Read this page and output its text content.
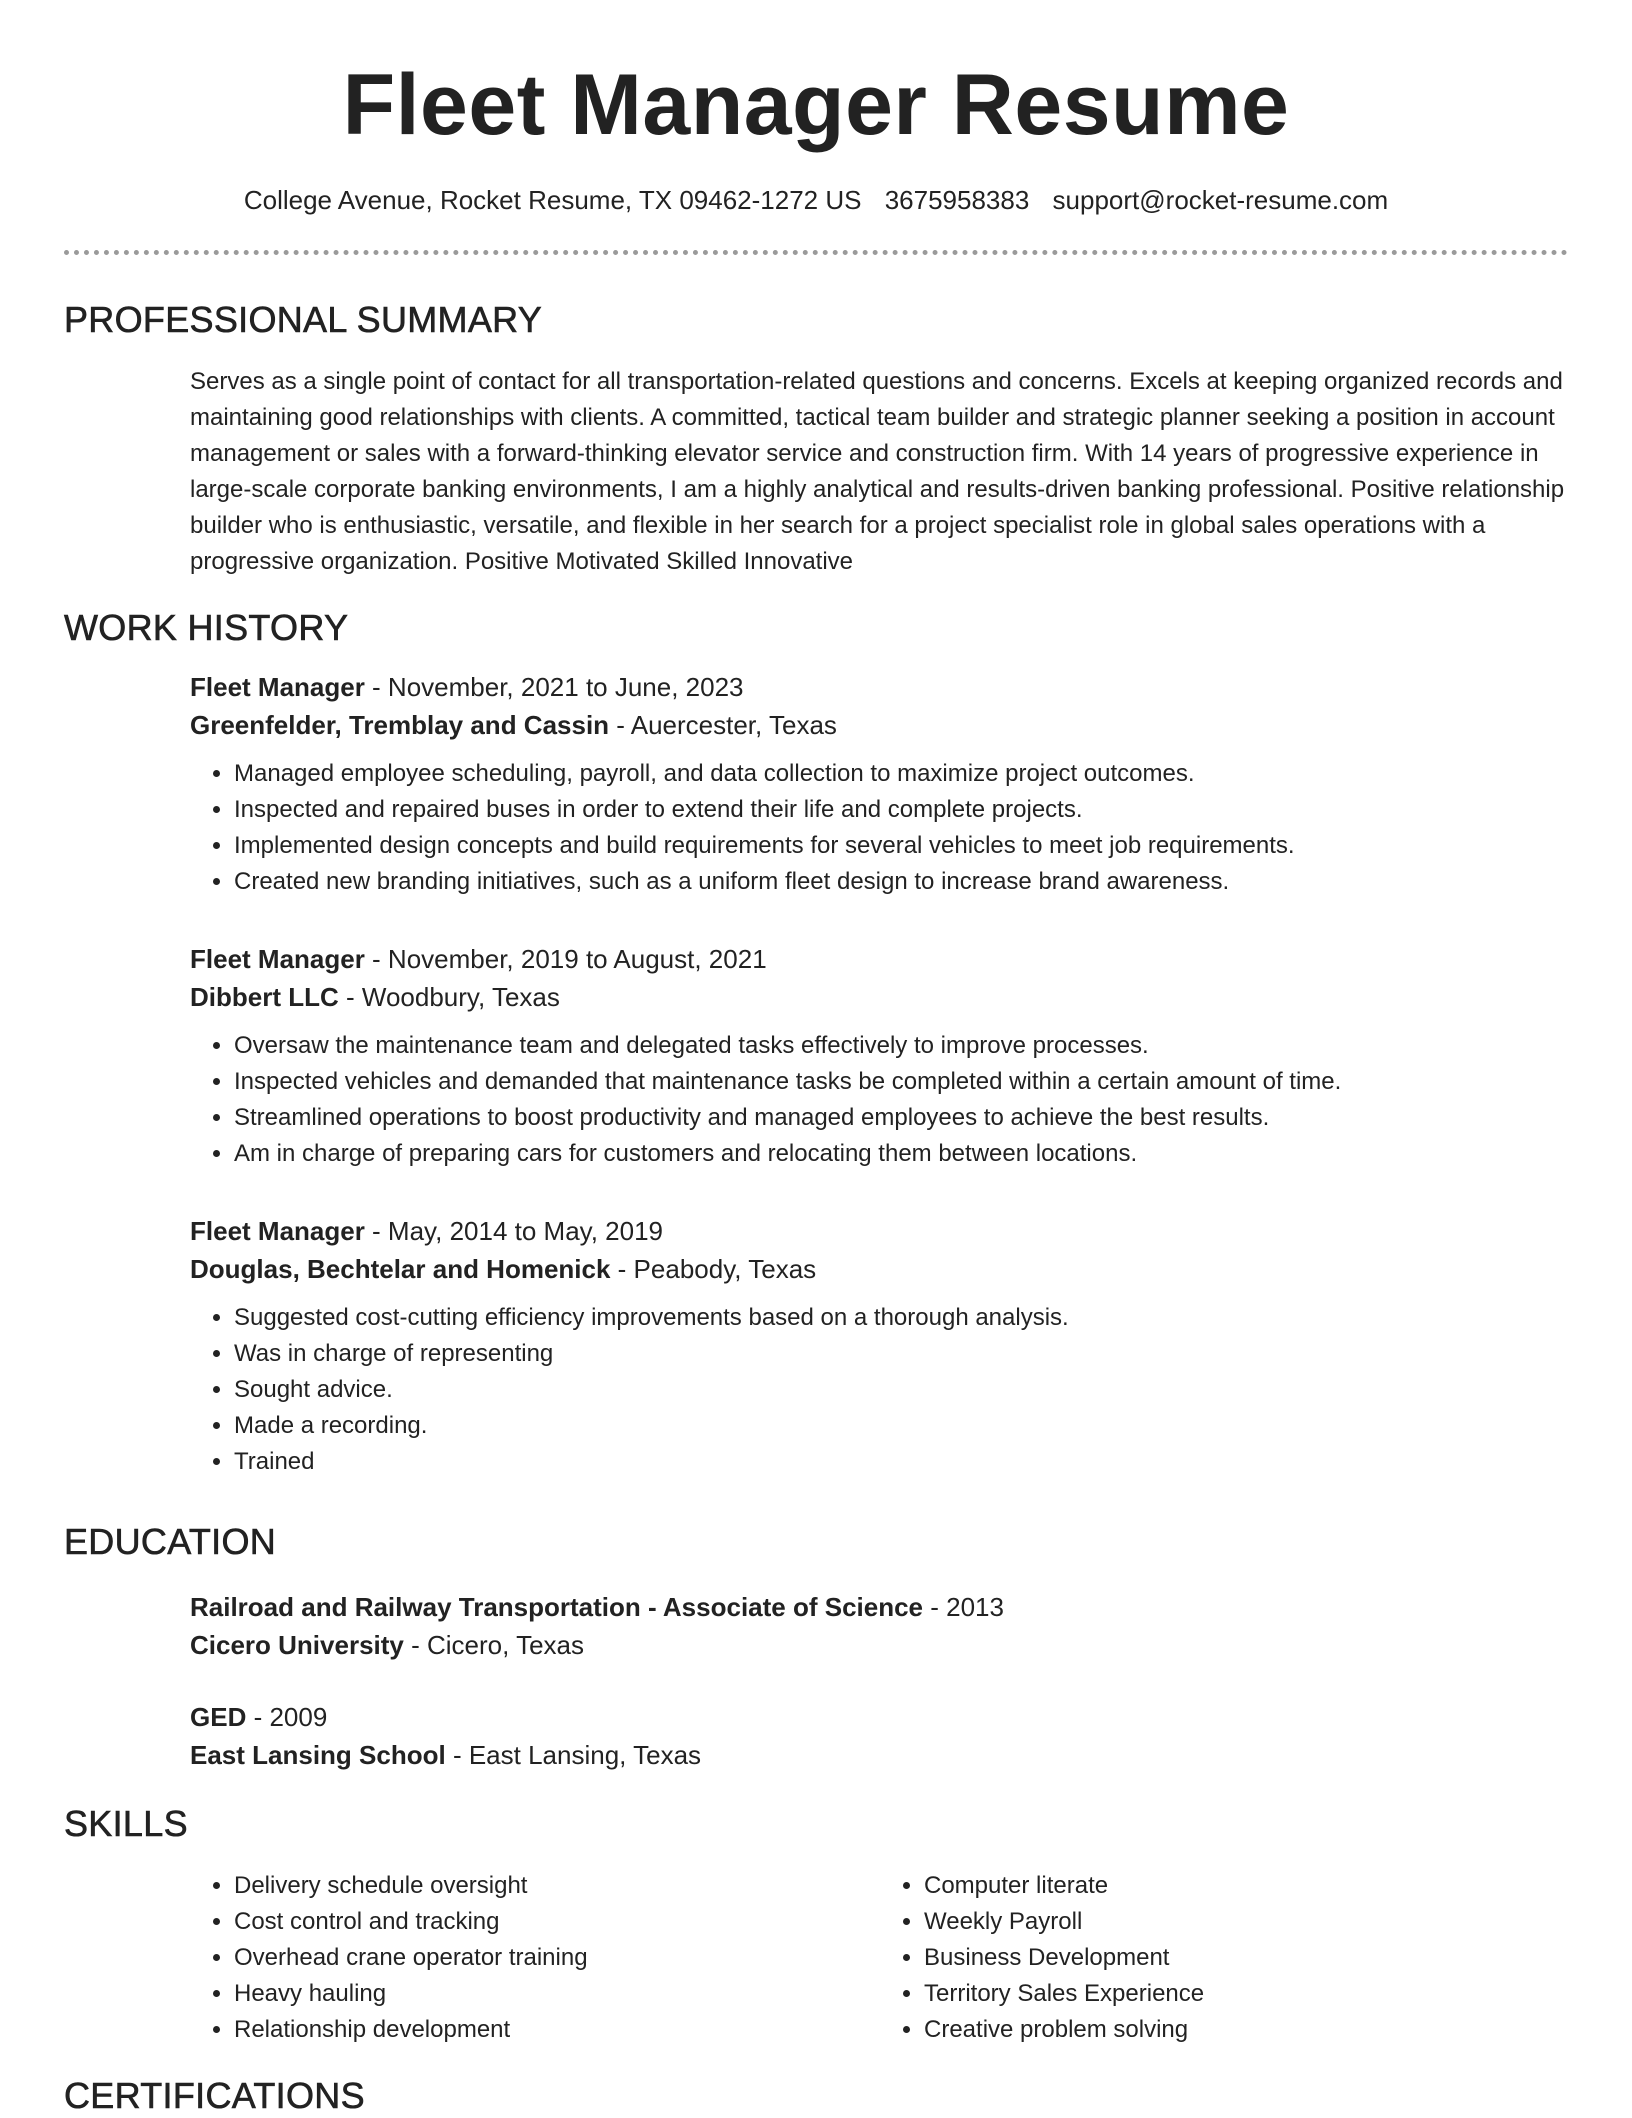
Fleet Manager Resume
College Avenue, Rocket Resume, TX 09462-1272 US 3675958383 support@rocket-resume.com
PROFESSIONAL SUMMARY

Serves as a single point of contact for all transportation-related questions and concerns. Excels at keeping organized records and maintaining good relationships with clients. A committed, tactical team builder and strategic planner seeking a position in account management or sales with a forward-thinking elevator service and construction firm. With 14 years of progressive experience in large-scale corporate banking environments, I am a highly analytical and results-driven banking professional. Positive relationship builder who is enthusiastic, versatile, and flexible in her search for a project specialist role in global sales operations with a progressive organization. Positive Motivated Skilled Innovative

WORK HISTORY

Fleet Manager - November, 2021 to June, 2023

Greenfelder, Tremblay and Cassin - Auercester, Texas

• Managed employee scheduling, payroll, and data collection to maximize project outcomes.
• Inspected and repaired buses in order to extend their life and complete projects.
• Implemented design concepts and build requirements for several vehicles to meet job requirements.
• Created new branding initiatives, such as a uniform fleet design to increase brand awareness.

Fleet Manager - November, 2019 to August, 2021

Dibbert LLC - Woodbury, Texas

• Oversaw the maintenance team and delegated tasks effectively to improve processes.
• Inspected vehicles and demanded that maintenance tasks be completed within a certain amount of time.
• Streamlined operations to boost productivity and managed employees to achieve the best results.
• Am in charge of preparing cars for customers and relocating them between locations.

Fleet Manager - May, 2014 to May, 2019

Douglas, Bechtelar and Homenick - Peabody, Texas

• Suggested cost-cutting efficiency improvements based on a thorough analysis.
• Was in charge of representing
• Sought advice.
• Made a recording.
• Trained
EDUCATION

Railroad and Railway Transportation - Associate of Science - 2013

Cicero University - Cicero, Texas

GED - 2009

East Lansing School - East Lansing, Texas

SKILLS
• Delivery schedule oversight
• Cost control and tracking
• Overhead crane operator training
• Heavy hauling
• Relationship development
• Computer literate
• Weekly Payroll
• Business Development
• Territory Sales Experience
• Creative problem solving
CERTIFICATIONS
